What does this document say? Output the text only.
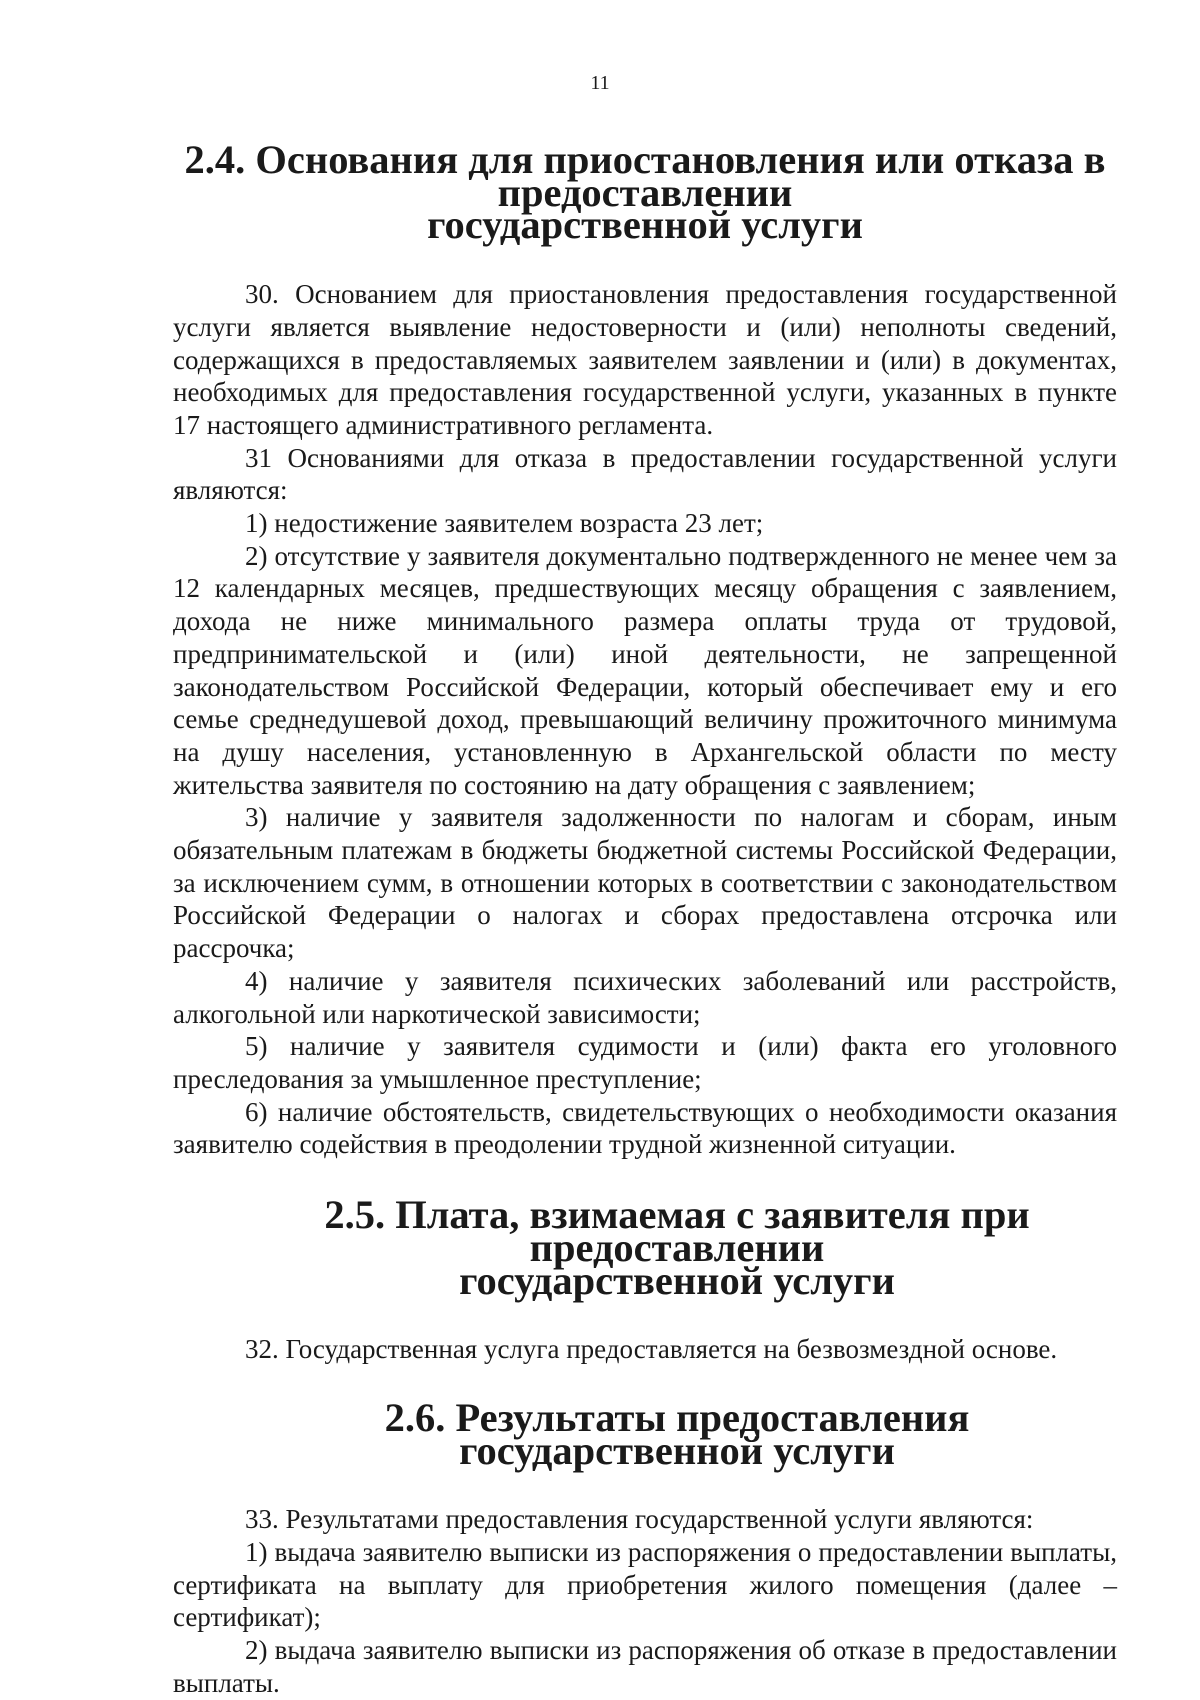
11
2.4. Основания для приостановления или отказа в предоставлении
государственной услуги

30. Основанием для приостановления предоставления государственной услуги является выявление недостоверности и (или) неполноты сведений, содержащихся в предоставляемых заявителем заявлении и (или) в документах, необходимых для предоставления государственной услуги, указанных в пункте 17 настоящего административного регламента.

31 Основаниями для отказа в предоставлении государственной услуги являются:

1) недостижение заявителем возраста 23 лет;

2) отсутствие у заявителя документально подтвержденного не менее чем за 12 календарных месяцев, предшествующих месяцу обращения с заявлением, дохода не ниже минимального размера оплаты труда от трудовой, предпринимательской и (или) иной деятельности, не запрещенной законодательством Российской Федерации, который обеспечивает ему и его семье среднедушевой доход, превышающий величину прожиточного минимума на душу населения, установленную в Архангельской области по месту жительства заявителя по состоянию на дату обращения с заявлением;

3) наличие у заявителя задолженности по налогам и сборам, иным обязательным платежам в бюджеты бюджетной системы Российской Федерации, за исключением сумм, в отношении которых в соответствии с законодательством Российской Федерации о налогах и сборах предоставлена отсрочка или рассрочка;

4) наличие у заявителя психических заболеваний или расстройств, алкогольной или наркотической зависимости;

5) наличие у заявителя судимости и (или) факта его уголовного преследования за умышленное преступление;

6) наличие обстоятельств, свидетельствующих о необходимости оказания заявителю содействия в преодолении трудной жизненной ситуации.

2.5. Плата, взимаемая с заявителя при предоставлении
государственной услуги

32. Государственная услуга предоставляется на безвозмездной основе.

2.6. Результаты предоставления государственной услуги

33. Результатами предоставления государственной услуги являются:

1) выдача заявителю выписки из распоряжения о предоставлении выплаты, сертификата на выплату для приобретения жилого помещения (далее – сертификат);

2) выдача заявителю выписки из распоряжения об отказе в предоставлении выплаты.
